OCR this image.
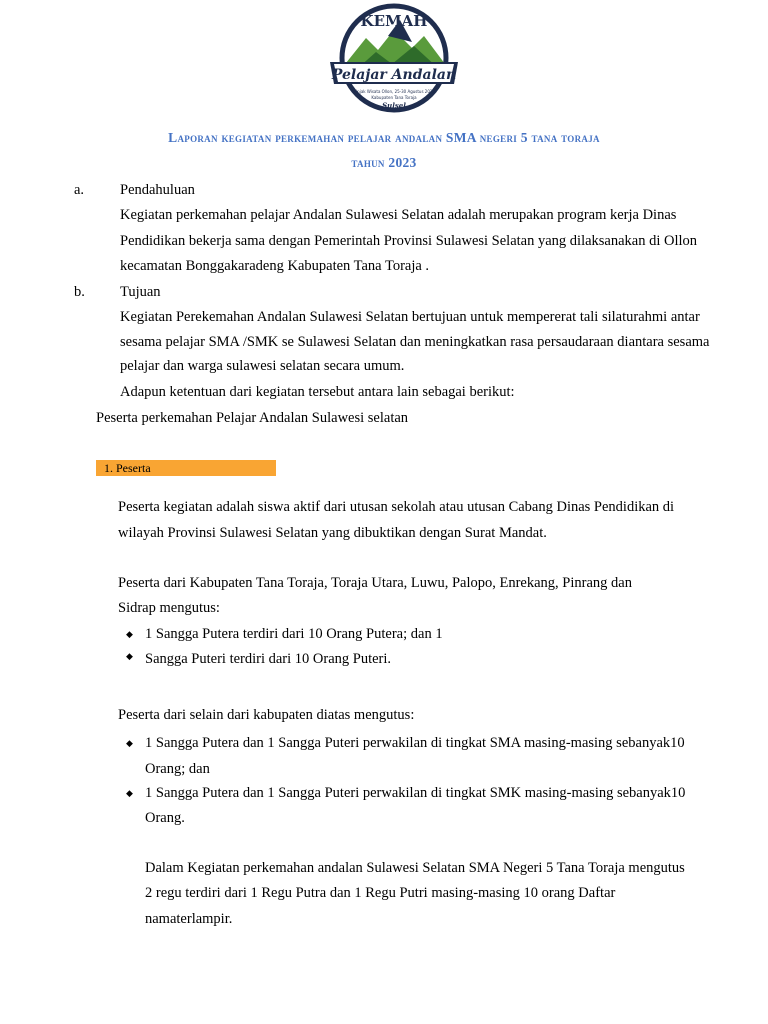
KEMAH
Pelajar Andalan
Dinjak Wisata Ollon, 25-30 Agustus 2023
Kabupaten Tana Toraja
Sulsel
Laporan kegiatan perkemahan pelajar andalan SMA negeri 5 tana toraja
tahun 2023
a. Pendahuluan
Kegiatan perkemahan pelajar Andalan Sulawesi Selatan adalah merupakan program kerja Dinas
Pendidikan bekerja sama dengan Pemerintah Provinsi Sulawesi Selatan yang dilaksanakan di Ollon
kecamatan Bonggakaradeng Kabupaten Tana Toraja .
b. Tujuan
Kegiatan Perekemahan Andalan Sulawesi Selatan bertujuan untuk mempererat tali silaturahmi antar
sesama pelajar SMA /SMK se Sulawesi Selatan dan meningkatkan rasa persaudaraan diantara sesama
pelajar dan warga sulawesi selatan secara umum.
Adapun ketentuan dari kegiatan tersebut antara lain sebagai berikut:
Peserta perkemahan Pelajar Andalan Sulawesi selatan
1. Peserta
Peserta kegiatan adalah siswa aktif dari utusan sekolah atau utusan Cabang Dinas Pendidikan di
wilayah Provinsi Sulawesi Selatan yang dibuktikan dengan Surat Mandat.
Peserta dari Kabupaten Tana Toraja, Toraja Utara, Luwu, Palopo, Enrekang, Pinrang dan
Sidrap mengutus:
◆ 1 Sangga Putera terdiri dari 10 Orang Putera; dan 1
◆ Sangga Puteri terdiri dari 10 Orang Puteri.
Peserta dari selain dari kabupaten diatas mengutus:
◆ 1 Sangga Putera dan 1 Sangga Puteri perwakilan di tingkat SMA masing-masing sebanyak10
Orang; dan
◆ 1 Sangga Putera dan 1 Sangga Puteri perwakilan di tingkat SMK masing-masing sebanyak10
Orang.
Dalam Kegiatan perkemahan andalan Sulawesi Selatan SMA Negeri 5 Tana Toraja mengutus
2 regu terdiri dari 1 Regu Putra dan 1 Regu Putri masing-masing 10 orang Daftar
namaterlampir.
